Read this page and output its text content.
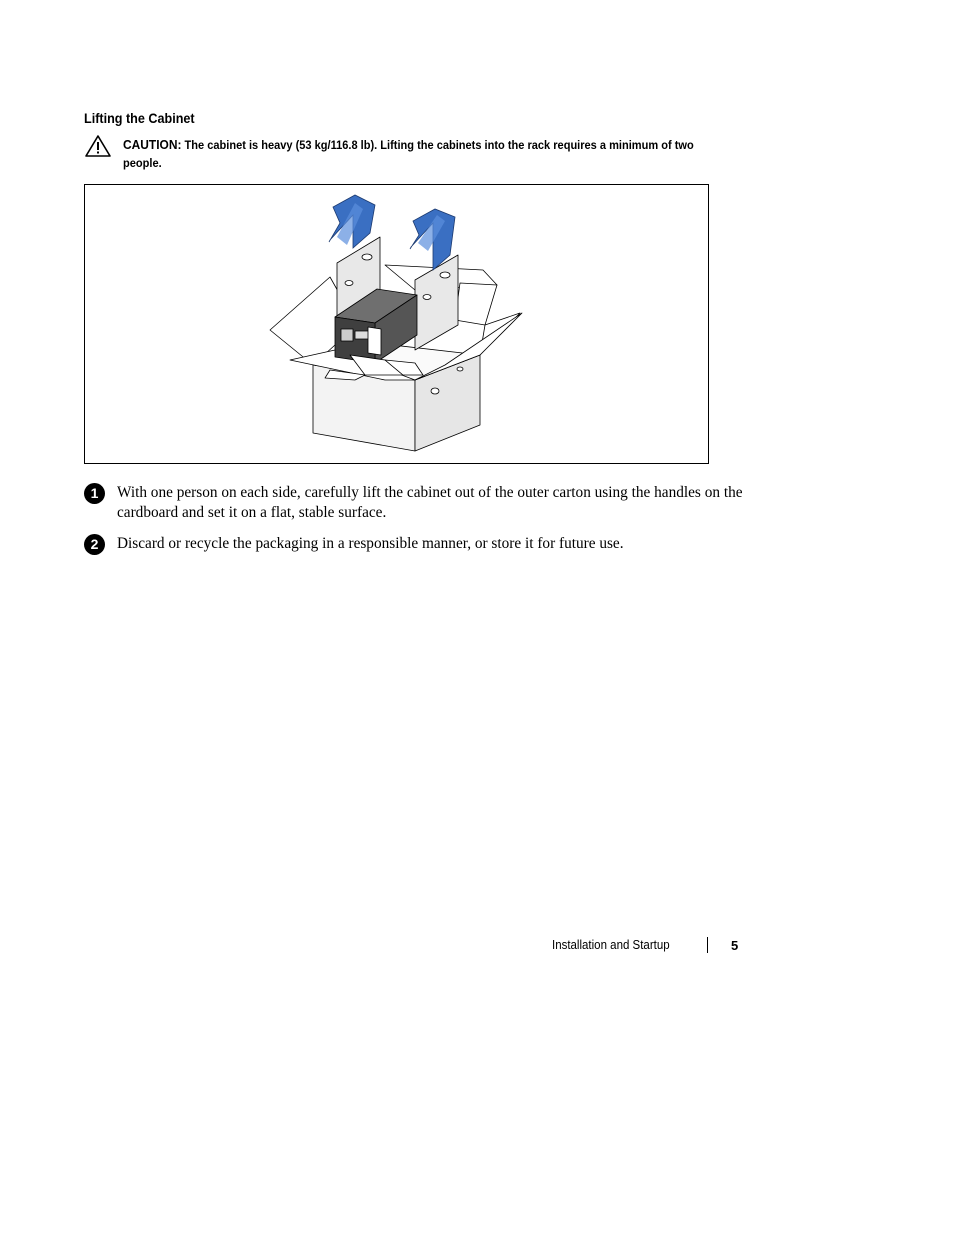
Lifting the Cabinet
CAUTION: The cabinet is heavy (53 kg/116.8 lb). Lifting the cabinets into the rack requires a minimum of two people.
1	With one person on each side, carefully lift the cabinet out of the outer carton using the handles on the cardboard and set it on a flat, stable surface.
2	Discard or recycle the packaging in a responsible manner, or store it for future use.
Installation and Startup	5
